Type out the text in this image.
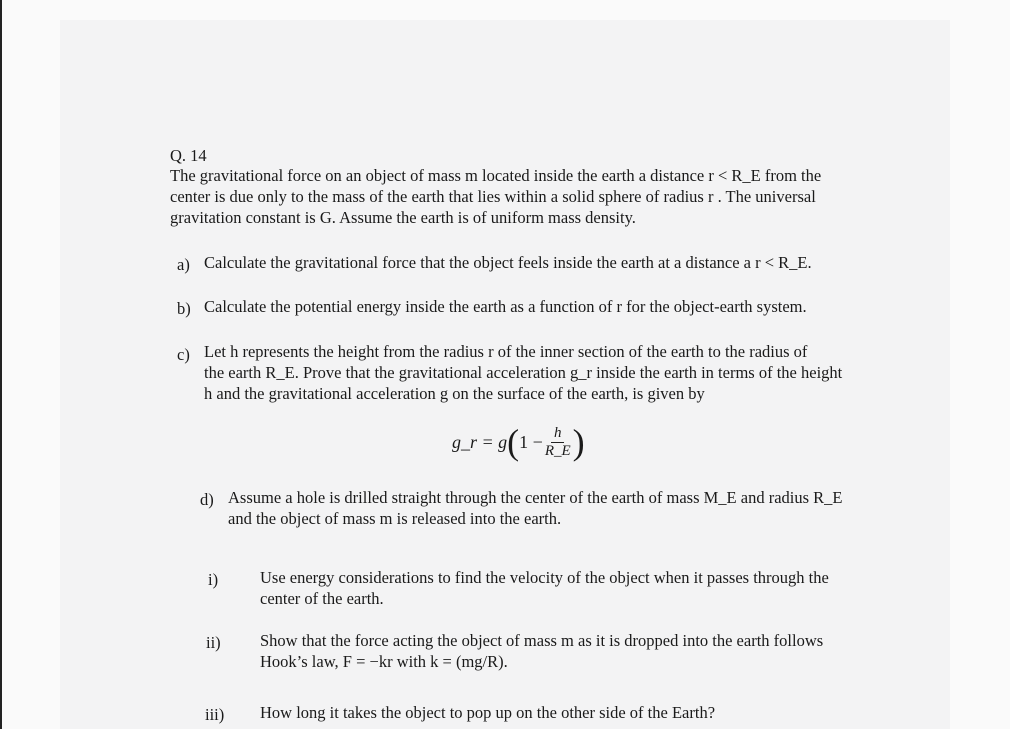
Q. 14
The gravitational force on an object of mass m located inside the earth a distance r < R_E from the
center is due only to the mass of the earth that lies within a solid sphere of radius r . The universal
gravitation constant is G. Assume the earth is of uniform mass density.
a) Calculate the gravitational force that the object feels inside the earth at a distance a r < R_E.
b) Calculate the potential energy inside the earth as a function of r for the object-earth system.
c) Let h represents the height from the radius r of the inner section of the earth to the radius of
the earth R_E. Prove that the gravitational acceleration g_r inside the earth in terms of the height
h and the gravitational acceleration g on the surface of the earth, is given by
g_r = g ( $1 - \frac{h}{R\_E}$ )
d) Assume a hole is drilled straight through the center of the earth of mass M_E and radius R_E
and the object of mass m is released into the earth.
i)	Use energy considerations to find the velocity of the object when it passes through the
center of the earth.
ii) Show that the force acting the object of mass m as it is dropped into the earth follows
Hook’s law, F = −kr with k = (mg/R).
iii) How long it takes the object to pop up on the other side of the Earth?
